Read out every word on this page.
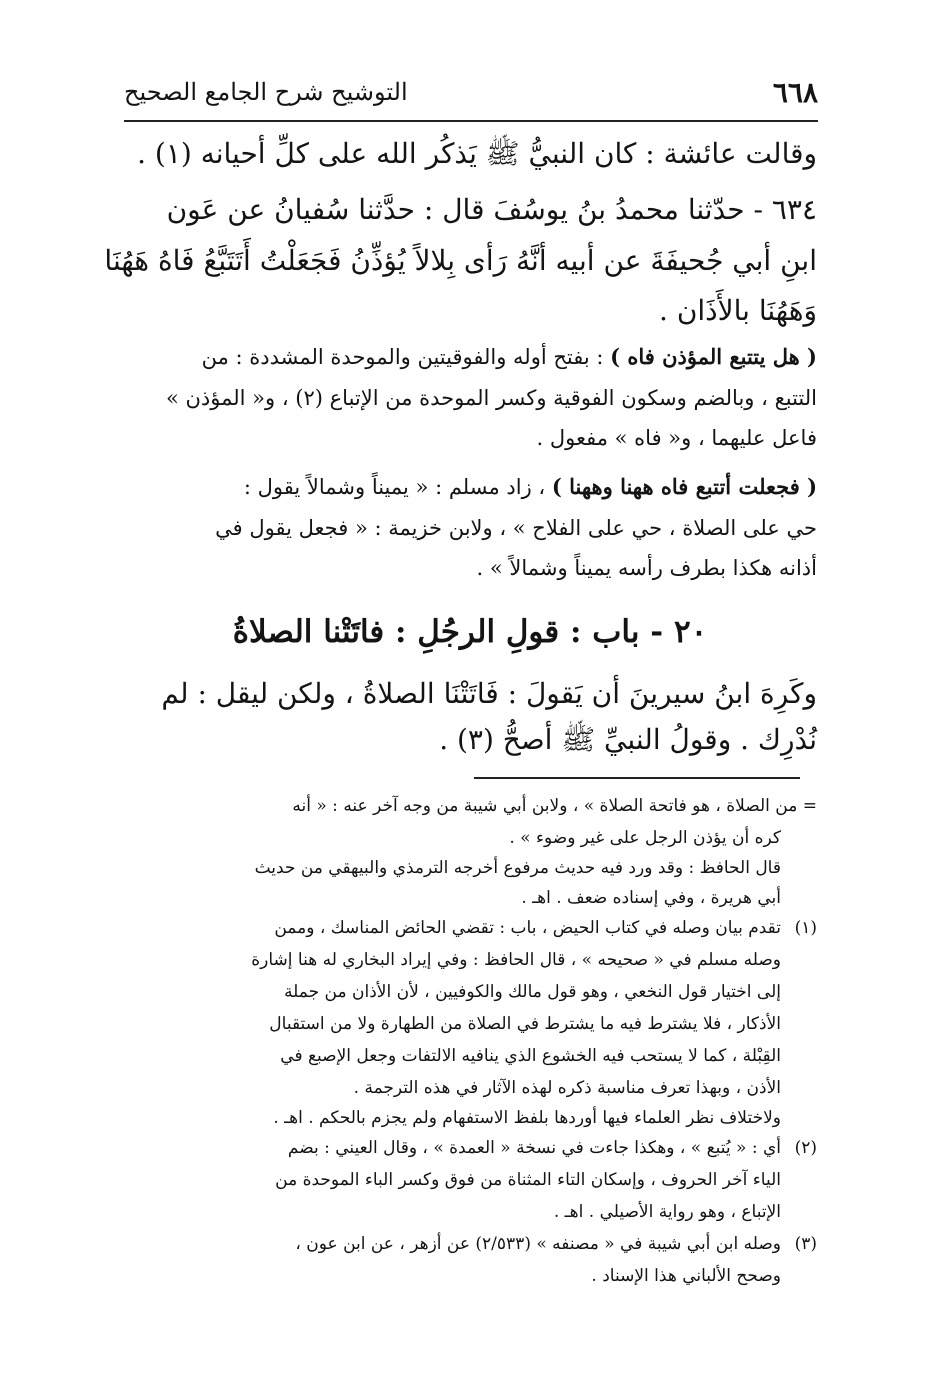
٦٦٨
التوشيح شرح الجامع الصحيح
وقالت عائشة : كان النبيُّ ﷺ يَذكُر الله على كلِّ أحيانه (١) .
٦٣٤ - حدّثنا محمدُ بنُ يوسُفَ قال : حدَّثنا سُفيانُ عن عَون
ابنِ أبي جُحيفَةَ عن أبيه أنَّهُ رَأى بِلالاً يُؤذِّنُ فَجَعَلْتُ أَتَتَبَّعُ فَاهُ هَهُنَا
وَهَهُنَا بالأَذَان .
( هل يتتبع المؤذن فاه ) : بفتح أوله والفوقيتين والموحدة المشددة : من
التتبع ، وبالضم وسكون الفوقية وكسر الموحدة من الإتباع (٢) ، و« المؤذن »
فاعل عليهما ، و« فاه » مفعول .
( فجعلت أتتبع فاه ههنا وههنا ) ، زاد مسلم : « يميناً وشمالاً يقول :
حي على الصلاة ، حي على الفلاح » ، ولابن خزيمة : « فجعل يقول في
أذانه هكذا بطرف رأسه يميناً وشمالاً » .
٢٠ - باب : قولِ الرجُلِ : فاتَتْنا الصلاةُ
وكَرِهَ ابنُ سيرينَ أن يَقولَ : فَاتَتْنَا الصلاةُ ، ولكن ليقل : لم
نُدْرِك . وقولُ النبيِّ ﷺ أصحُّ (٣) .
= من الصلاة ، هو فاتحة الصلاة » ، ولابن أبي شيبة من وجه آخر عنه : « أنه
كره أن يؤذن الرجل على غير وضوء » .
قال الحافظ : وقد ورد فيه حديث مرفوع أخرجه الترمذي والبيهقي من حديث
أبي هريرة ، وفي إسناده ضعف . اهـ .
(١)تقدم بيان وصله في كتاب الحيض ، باب : تقضي الحائض المناسك ، وممن
وصله مسلم في « صحيحه » ، قال الحافظ : وفي إيراد البخاري له هنا إشارة
إلى اختيار قول النخعي ، وهو قول مالك والكوفيين ، لأن الأذان من جملة
الأذكار ، فلا يشترط فيه ما يشترط في الصلاة من الطهارة ولا من استقبال
القِبْلة ، كما لا يستحب فيه الخشوع الذي ينافيه الالتفات وجعل الإصبع في
الأذن ، وبهذا تعرف مناسبة ذكره لهذه الآثار في هذه الترجمة .
ولاختلاف نظر العلماء فيها أوردها بلفظ الاستفهام ولم يجزم بالحكم . اهـ .
(٢)أي : « يُتبع » ، وهكذا جاءت في نسخة « العمدة » ، وقال العيني : بضم
الياء آخر الحروف ، وإسكان التاء المثناة من فوق وكسر الباء الموحدة من
الإتباع ، وهو رواية الأصيلي . اهـ .
(٣)وصله ابن أبي شيبة في « مصنفه » (٢/٥٣٣) عن أزهر ، عن ابن عون ،
وصحح الألباني هذا الإسناد .
